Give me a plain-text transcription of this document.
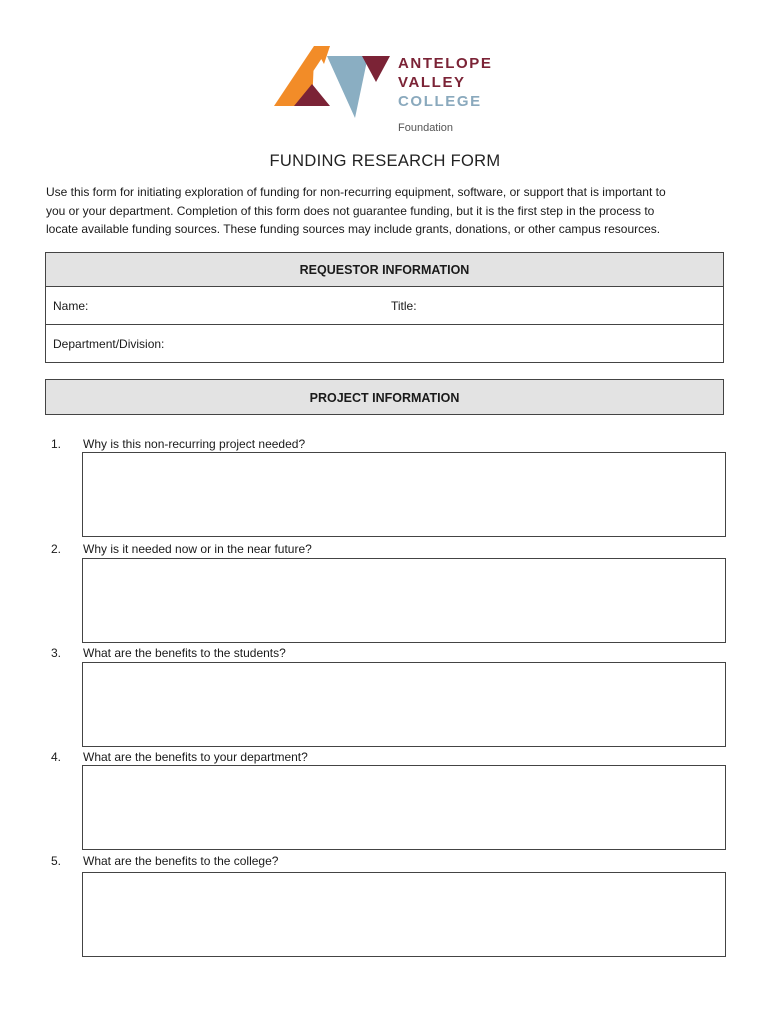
ANTELOPE
VALLEY
COLLEGE
Foundation
FUNDING RESEARCH FORM
Use this form for initiating exploration of funding for non-recurring equipment, software, or support that is important to
you or your department. Completion of this form does not guarantee funding, but it is the first step in the process to
locate available funding sources. These funding sources may include grants, donations, or other campus resources.
REQUESTOR INFORMATION
Name:	Title:
Department/Division:
PROJECT INFORMATION
1. Why is this non-recurring project needed?
2. Why is it needed now or in the near future?
3. What are the benefits to the students?
4. What are the benefits to your department?
5. What are the benefits to the college?
